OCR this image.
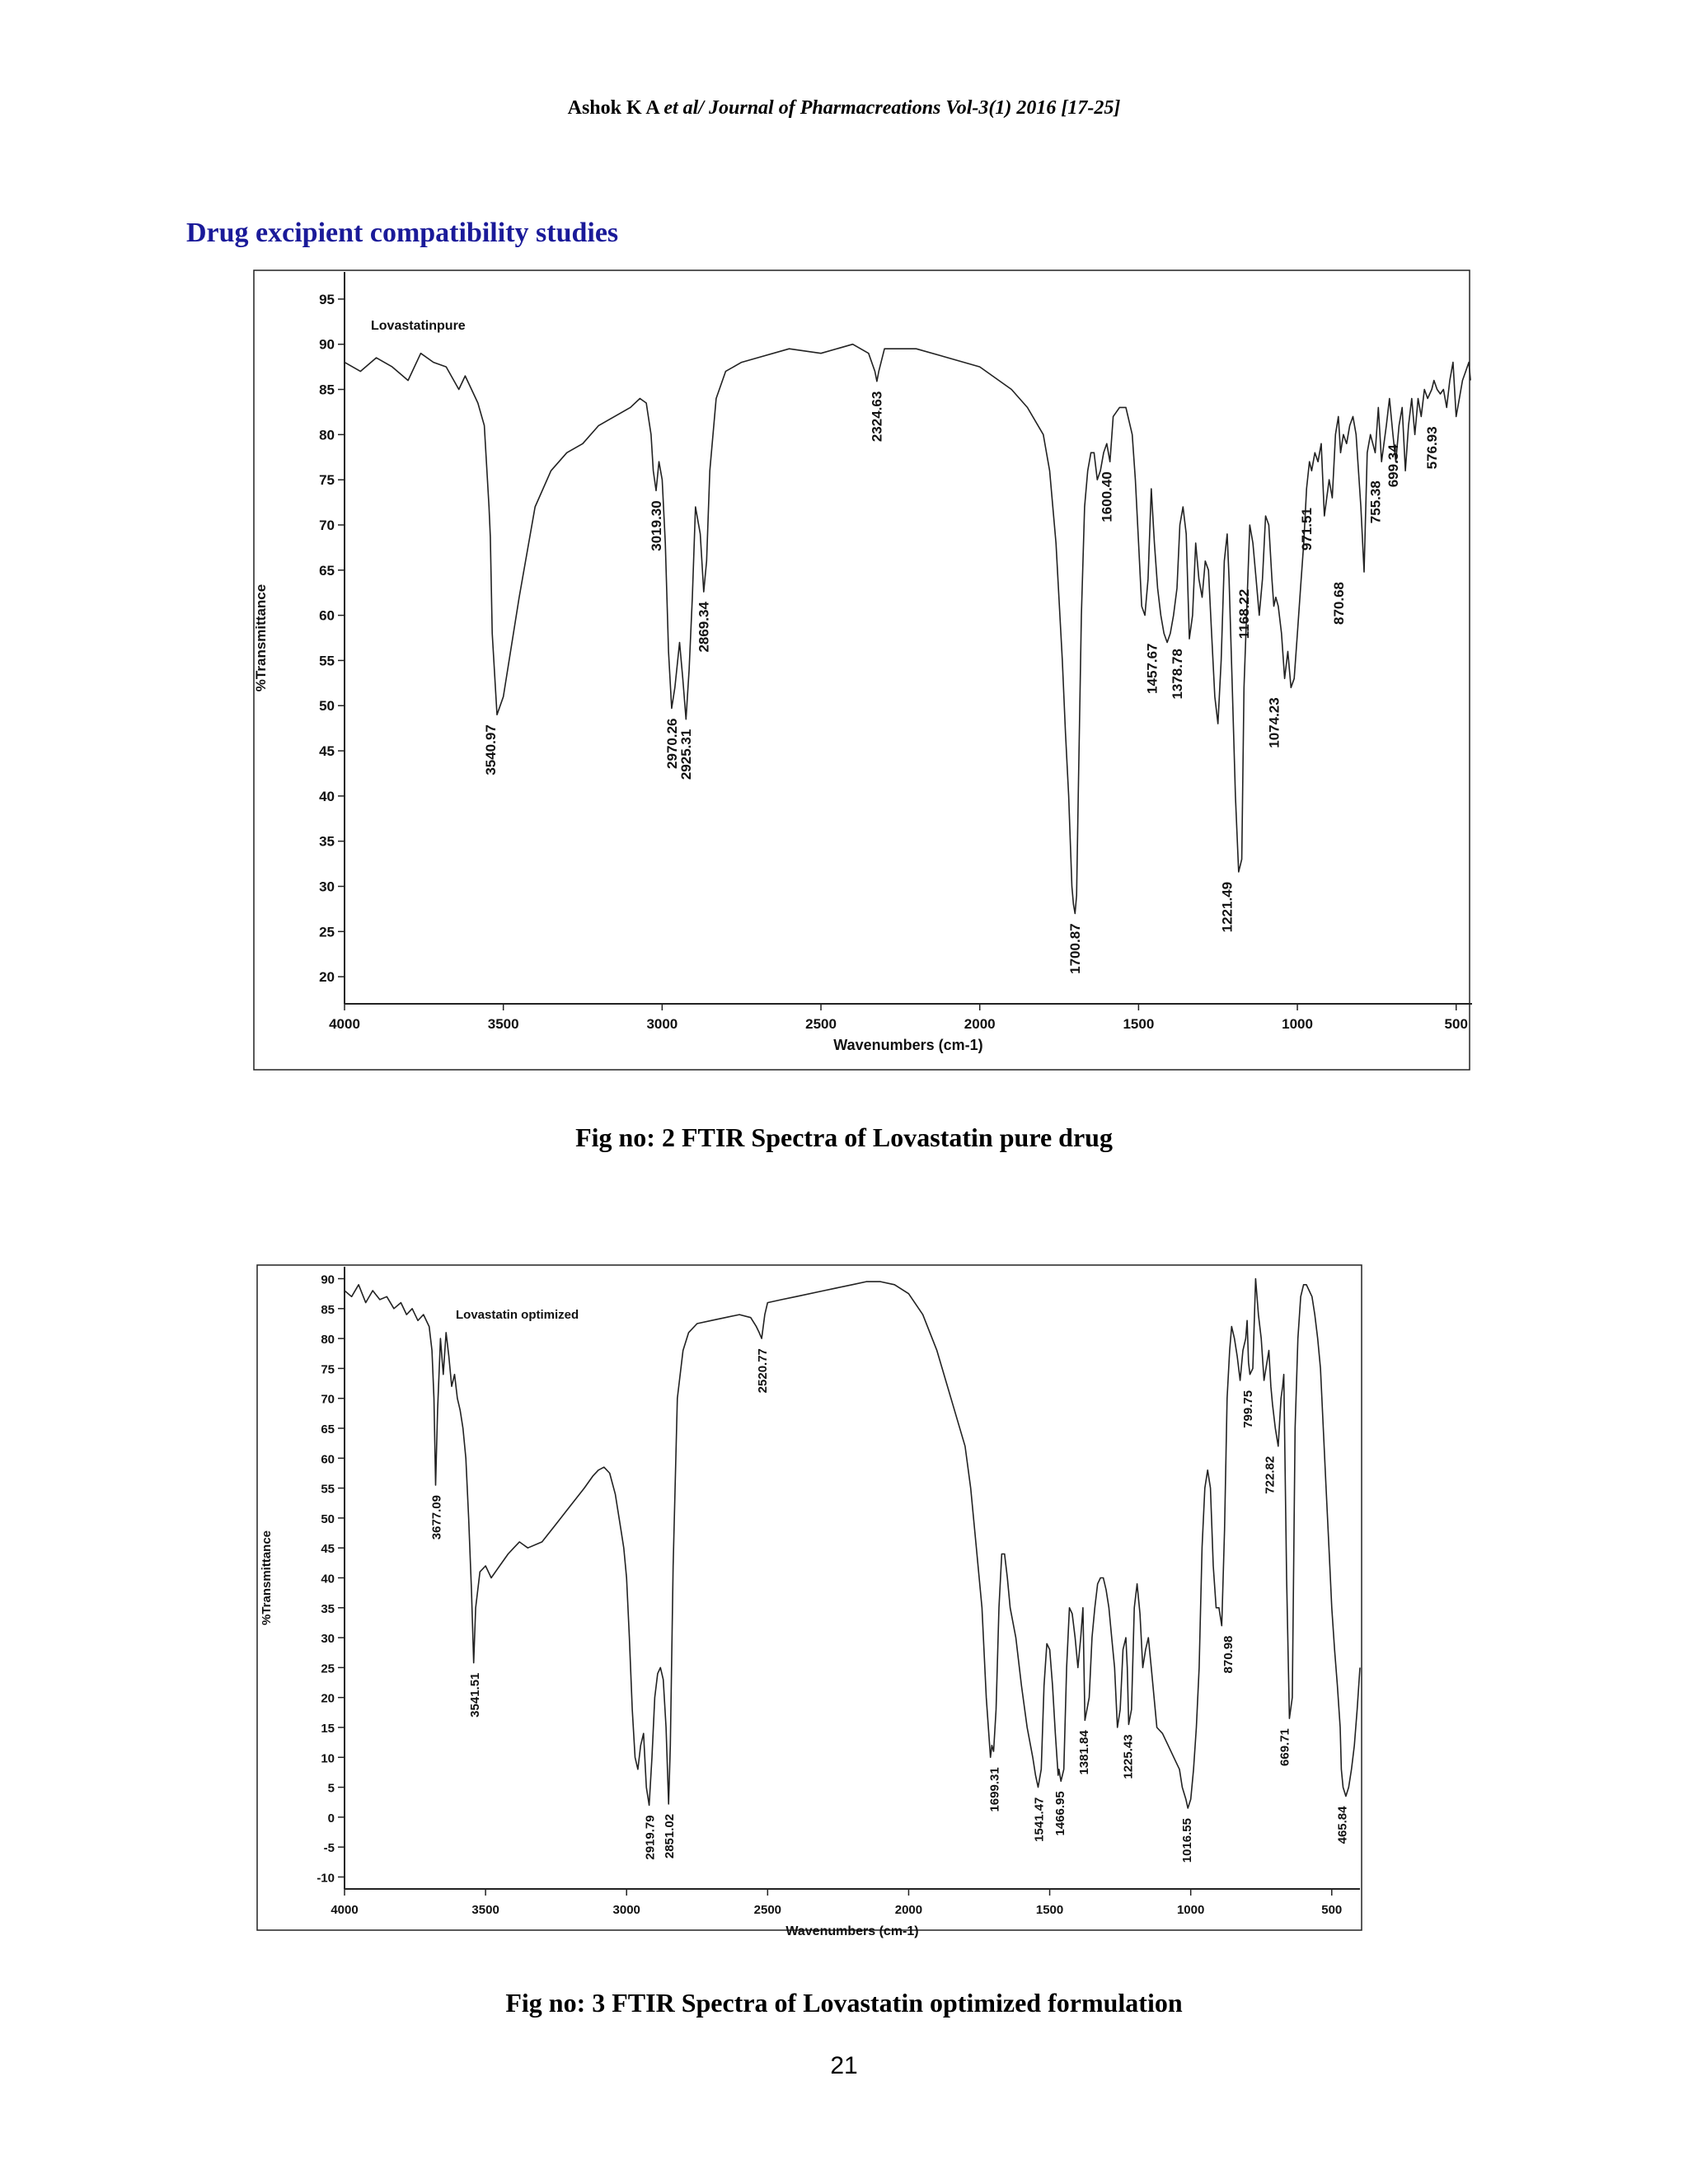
Ashok K A et al/ Journal of Pharmacreations Vol-3(1) 2016 [17-25]
Drug excipient compatibility studies
20
25
30
35
40
45
50
55
60
65
70
75
80
85
90
95
4000	3500	3000	2500	2000	1500	1000	500
Wavenumbers (cm-1)
%Transmittance
Lovastatinpure
3540.97
3019.30
2970.26
2925.31
2869.34
2324.63
1700.87
1600.40
1457.67 1378.78
1221.49
1168.22
1074.23
971.51
870.68
755.38
699.34 576.93
Fig no: 2 FTIR Spectra of Lovastatin pure drug
-10
-5
0
5
10
15
20
25
30
35
40
45
50
55
60
65
70
75
80
85
90
4000	3500	3000	2500	2000	1500	1000	500
Wavenumbers (cm-1)
%Transmittance
Lovastatin optimized
3677.09
3541.51
2919.79 2851.02
2520.77
1699.31
1541.47 1466.95
1381.84 1225.43
1016.55
870.98
799.75
722.82
669.71
465.84
Fig no: 3 FTIR Spectra of Lovastatin optimized formulation
21
